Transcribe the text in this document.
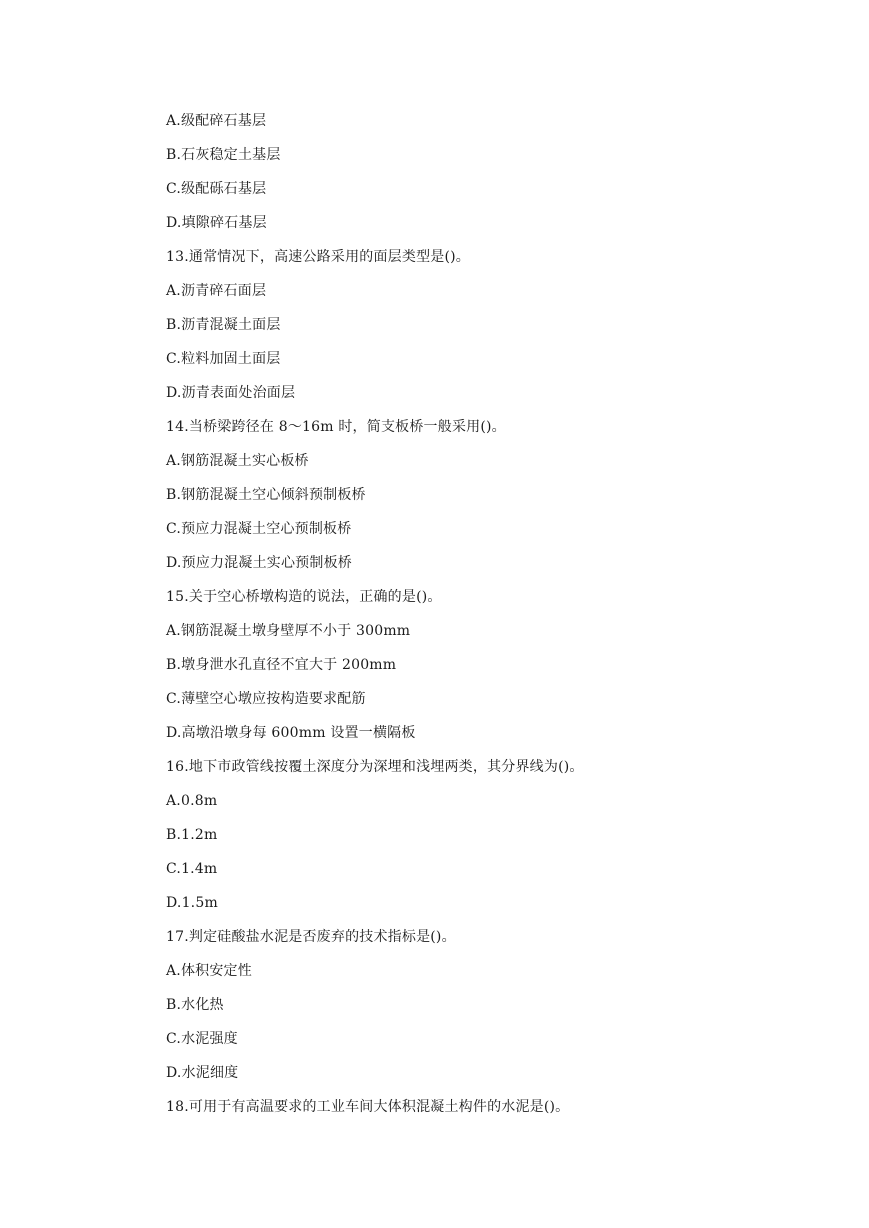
A.级配碎石基层
B.石灰稳定土基层
C.级配砾石基层
D.填隙碎石基层
13.通常情况下，高速公路采用的面层类型是()。
A.沥青碎石面层
B.沥青混凝土面层
C.粒料加固土面层
D.沥青表面处治面层
14.当桥梁跨径在 8～16m 时，简支板桥一般采用()。
A.钢筋混凝土实心板桥
B.钢筋混凝土空心倾斜预制板桥
C.预应力混凝土空心预制板桥
D.预应力混凝土实心预制板桥
15.关于空心桥墩构造的说法，正确的是()。
A.钢筋混凝土墩身壁厚不小于 300mm
B.墩身泄水孔直径不宜大于 200mm
C.薄壁空心墩应按构造要求配筋
D.高墩沿墩身每 600mm 设置一横隔板
16.地下市政管线按覆土深度分为深埋和浅埋两类，其分界线为()。
A.0.8m
B.1.2m
C.1.4m
D.1.5m
17.判定硅酸盐水泥是否废弃的技术指标是()。
A.体积安定性
B.水化热
C.水泥强度
D.水泥细度
18.可用于有高温要求的工业车间大体积混凝土构件的水泥是()。
